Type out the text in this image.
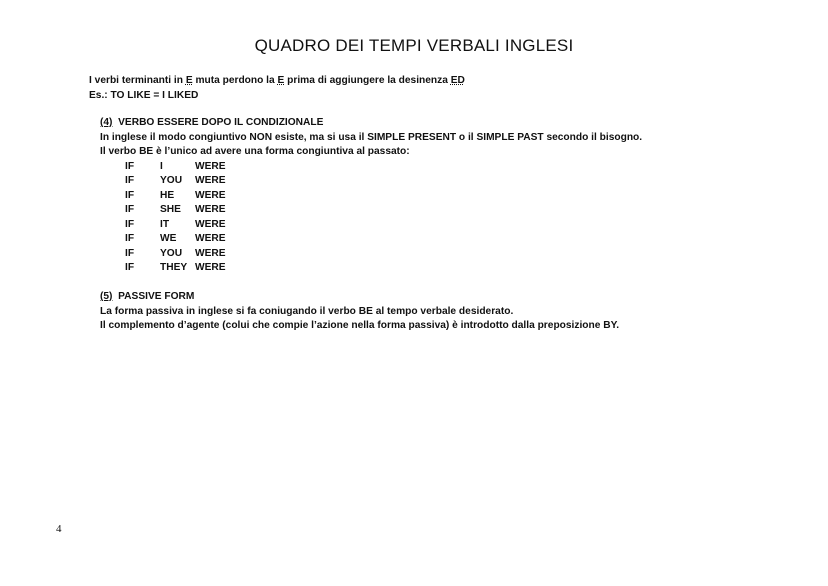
QUADRO DEI TEMPI VERBALI INGLESI
I verbi terminanti in E muta perdono la E prima di aggiungere la desinenza ED
Es.: TO LIKE = I LIKED
(4) VERBO ESSERE DOPO IL CONDIZIONALE
In inglese il modo congiuntivo NON esiste, ma si usa il SIMPLE PRESENT o il SIMPLE PAST secondo il bisogno.
Il verbo BE è l’unico ad avere una forma congiuntiva al passato:
IF	I	WERE
IF	YOU	WERE
IF	HE	WERE
IF	SHE	WERE
IF	IT	WERE
IF	WE	WERE
IF	YOU	WERE
IF	THEY	WERE
(5) PASSIVE FORM
La forma passiva in inglese si fa coniugando il verbo BE al tempo verbale desiderato.
Il complemento d’agente (colui che compie l’azione nella forma passiva) è introdotto dalla preposizione BY.
4
